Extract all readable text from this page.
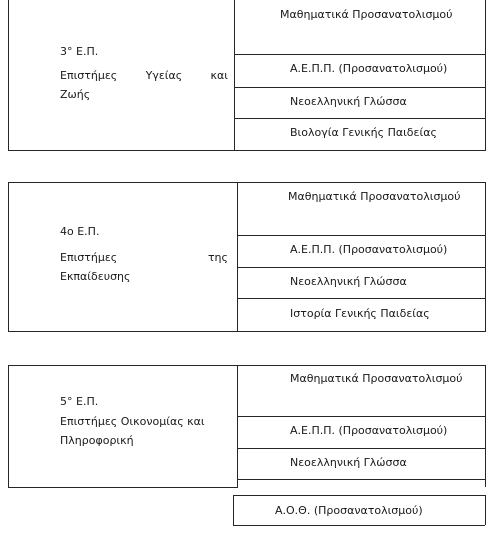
3° Ε.Π.
Επιστήμες	Υγείας	και
Ζωής
Μαθηματικά Προσανατολισμού
Α.Ε.Π.Π. (Προσανατολισμού)
Νεοελληνική Γλώσσα
Βιολογία Γενικής Παιδείας
4ο Ε.Π.
Επιστήμες	της
Εκπαίδευσης
Μαθηματικά Προσανατολισμού
Α.Ε.Π.Π. (Προσανατολισμού)
Νεοελληνική Γλώσσα
Ιστορία Γενικής Παιδείας
5° Ε.Π.
Επιστήμες Οικονομίας και
Πληροφορική
Μαθηματικά Προσανατολισμού
Α.Ε.Π.Π. (Προσανατολισμού)
Νεοελληνική Γλώσσα
Α.Ο.Θ. (Προσανατολισμού)
